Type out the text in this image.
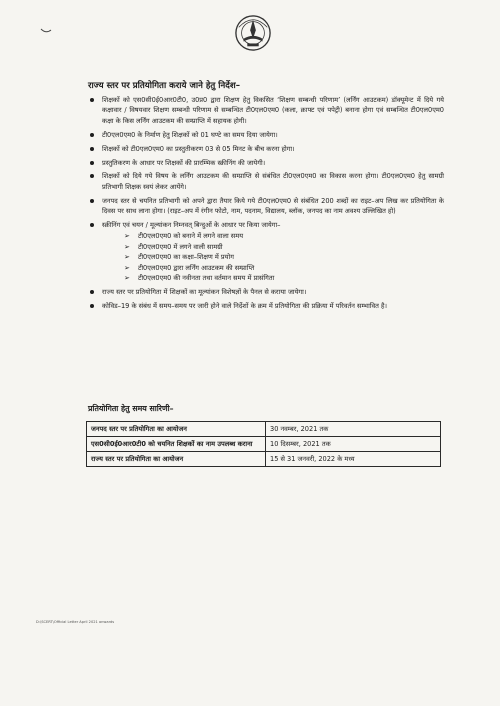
राज्य स्तर पर प्रतियोगिता कराये जाने हेतु निर्देश–
शिक्षकों को एस0सी0ई0आर0टी0, उ0प्र0 द्वारा शिक्षण हेतु विकसित ‘शिक्षण सम्बन्धी परिणाम’ (लर्निंग आउटकम) डॉक्यूमेन्ट में दिये गये कक्षावार / विषयवार शिक्षण सम्बन्धी परिणाम से सम्बन्धित टी0एल0एम0 (कला, क्राफ्ट एवं पपेट्री) बनाना होगा एवं सम्बन्धित टी0एल0एम0 कक्षा के किस लर्निंग आउटकम की सम्प्राप्ति में सहायक होगी।
टी0एल0एम0 के निर्माण हेतु शिक्षकों को 01 घण्टे का समय दिया जायेगा।
शिक्षकों को टी0एल0एम0 का प्रस्तुतीकरण 03 से 05 मिनट के बीच करना होगा।
प्रस्तुतिकरण के आधार पर शिक्षकों की प्रारम्भिक स्क्रीनिंग की जायेगी।
शिक्षकों को दिये गये विषय के लर्निंग आउटकम की सम्प्राप्ति से संबंधित टी0एल0एम0 का विकास करना होगा। टी0एल0एम0 हेतु सामग्री प्रतिभागी शिक्षक स्वयं लेकर आयेंगे।
जनपद स्तर से चयनित प्रतिभागी को अपने द्वारा तैयार किये गये टी0एल0एम0 से संबंधित 200 शब्दों का राइट–अप लिख कर प्रतियोगिता के दिवस पर साथ लाना होगा। (राइट–अप में रंगीन फोटो, नाम, पदनाम, विद्यालय, ब्लॉक, जनपद का नाम अवश्य उल्लिखित हो)
स्क्रीनिंग एवं चयन / मूल्यांकन निम्नवत् बिन्दुओं के आधार पर किया जायेगा–
➢ टी0एल0एम0 को बनाने में लगने वाला समय
➢ टी0एल0एम0 में लगने वाली सामग्री
➢ टी0एल0एम0 का कक्षा–शिक्षण में प्रयोग
➢ टी0एल0एम0 द्वारा लर्निंग आउटकम की सम्प्राप्ति
➢ टी0एल0एम0 की नवीनता तथा वर्तमान समय में प्रासंगिता
राज्य स्तर पर प्रतियोगिता में शिक्षकों का मूल्यांकन विशेषज्ञों के पैनल से कराया जायेगा।
कोविड–19 के संबंध में समय–समय पर जारी होने वाले निर्देशों के क्रम में प्रतियोगिता की प्रक्रिया में परिवर्तन सम्भावित है।
प्रतियोगिता हेतु समय सारिणी–
जनपद स्तर पर प्रतियोगिता का आयोजन	30 नवम्बर, 2021 तक
एस0सी0ई0आर0टी0 को चयनित शिक्षकों का नाम उपलब्ध कराना	10 दिसम्बर, 2021 तक
राज्य स्तर पर प्रतियोगिता का आयोजन	15 से 31 जनवरी, 2022 के मध्य
D:\SCERT\Official Letter April 2021 onwards
